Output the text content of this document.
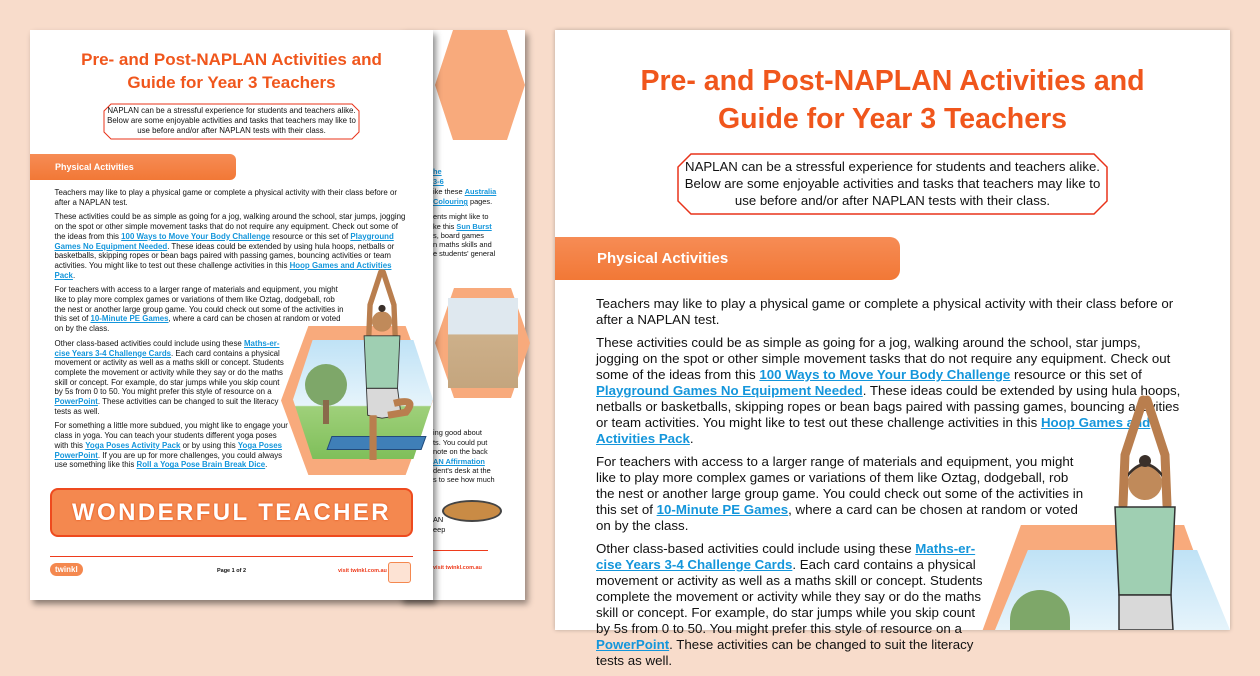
he
3-6
ike these Australia
Colouring pages.
ents might like to
ke this Sun Burst
s, board games
n maths skills and
e students' general
ing good about
ts. You could put
note on the back
AN Affirmation
dent's desk at the
s to see how much
AN
eep
visit twinkl.com.au
Pre- and Post-NAPLAN Activities and
Guide for Year 3 Teachers
NAPLAN can be a stressful experience for students and teachers alike. Below are some enjoyable activities and tasks that teachers may like to use before and/or after NAPLAN tests with their class.
Physical Activities

Teachers may like to play a physical game or complete a physical activity with their class before or after a NAPLAN test.

These activities could be as simple as going for a jog, walking around the school, star jumps, jogging on the spot or other simple movement tasks that do not require any equipment. Check out some of the ideas from this 100 Ways to Move Your Body Challenge resource or this set of Playground Games No Equipment Needed. These ideas could be extended by using hula hoops, netballs or basketballs, skipping ropes or bean bags paired with passing games, bouncing activities or team activities. You might like to test out these challenge activities in this Hoop Games and Activities Pack.

For teachers with access to a larger range of materials and equipment, you might like to play more complex games or variations of them like Oztag, dodgeball, rob the nest or another large group game. You could check out some of the activities in this set of 10-Minute PE Games, where a card can be chosen at random or voted on by the class.

Other class-based activities could include using these Maths-er-cise Years 3-4 Challenge Cards. Each card contains a physical movement or activity as well as a maths skill or concept. Students complete the movement or activity while they say or do the maths skill or concept. For example, do star jumps while you skip count by 5s from 0 to 50. You might prefer this style of resource on a PowerPoint. These activities can be changed to suit the literacy tests as well.

For something a little more subdued, you might like to engage your class in yoga. You can teach your students different yoga poses with this Yoga Poses Activity Pack or by using this Yoga Poses PowerPoint. If you are up for more challenges, you could always use something like this Roll a Yoga Pose Brain Break Dice.

WONDERFUL TEACHER
twinkl	Page 1 of 2	visit twinkl.com.au
Pre- and Post-NAPLAN Activities and
Guide for Year 3 Teachers
NAPLAN can be a stressful experience for students and teachers alike. Below are some enjoyable activities and tasks that teachers may like to use before and/or after NAPLAN tests with their class.
Physical Activities

Teachers may like to play a physical game or complete a physical activity with their class before or after a NAPLAN test.

These activities could be as simple as going for a jog, walking around the school, star jumps, jogging on the spot or other simple movement tasks that do not require any equipment. Check out some of the ideas from this 100 Ways to Move Your Body Challenge resource or this set of Playground Games No Equipment Needed. These ideas could be extended by using hula hoops, netballs or basketballs, skipping ropes or bean bags paired with passing games, bouncing activities or team activities. You might like to test out these challenge activities in this Hoop Games and Activities Pack.

For teachers with access to a larger range of materials and equipment, you might like to play more complex games or variations of them like Oztag, dodgeball, rob the nest or another large group game. You could check out some of the activities in this set of 10-Minute PE Games, where a card can be chosen at random or voted on by the class.

Other class-based activities could include using these Maths-er-cise Years 3-4 Challenge Cards. Each card contains a physical movement or activity as well as a maths skill or concept. Students complete the movement or activity while they say or do the maths skill or concept. For example, do star jumps while you skip count by 5s from 0 to 50. You might prefer this style of resource on a PowerPoint. These activities can be changed to suit the literacy tests as well.
